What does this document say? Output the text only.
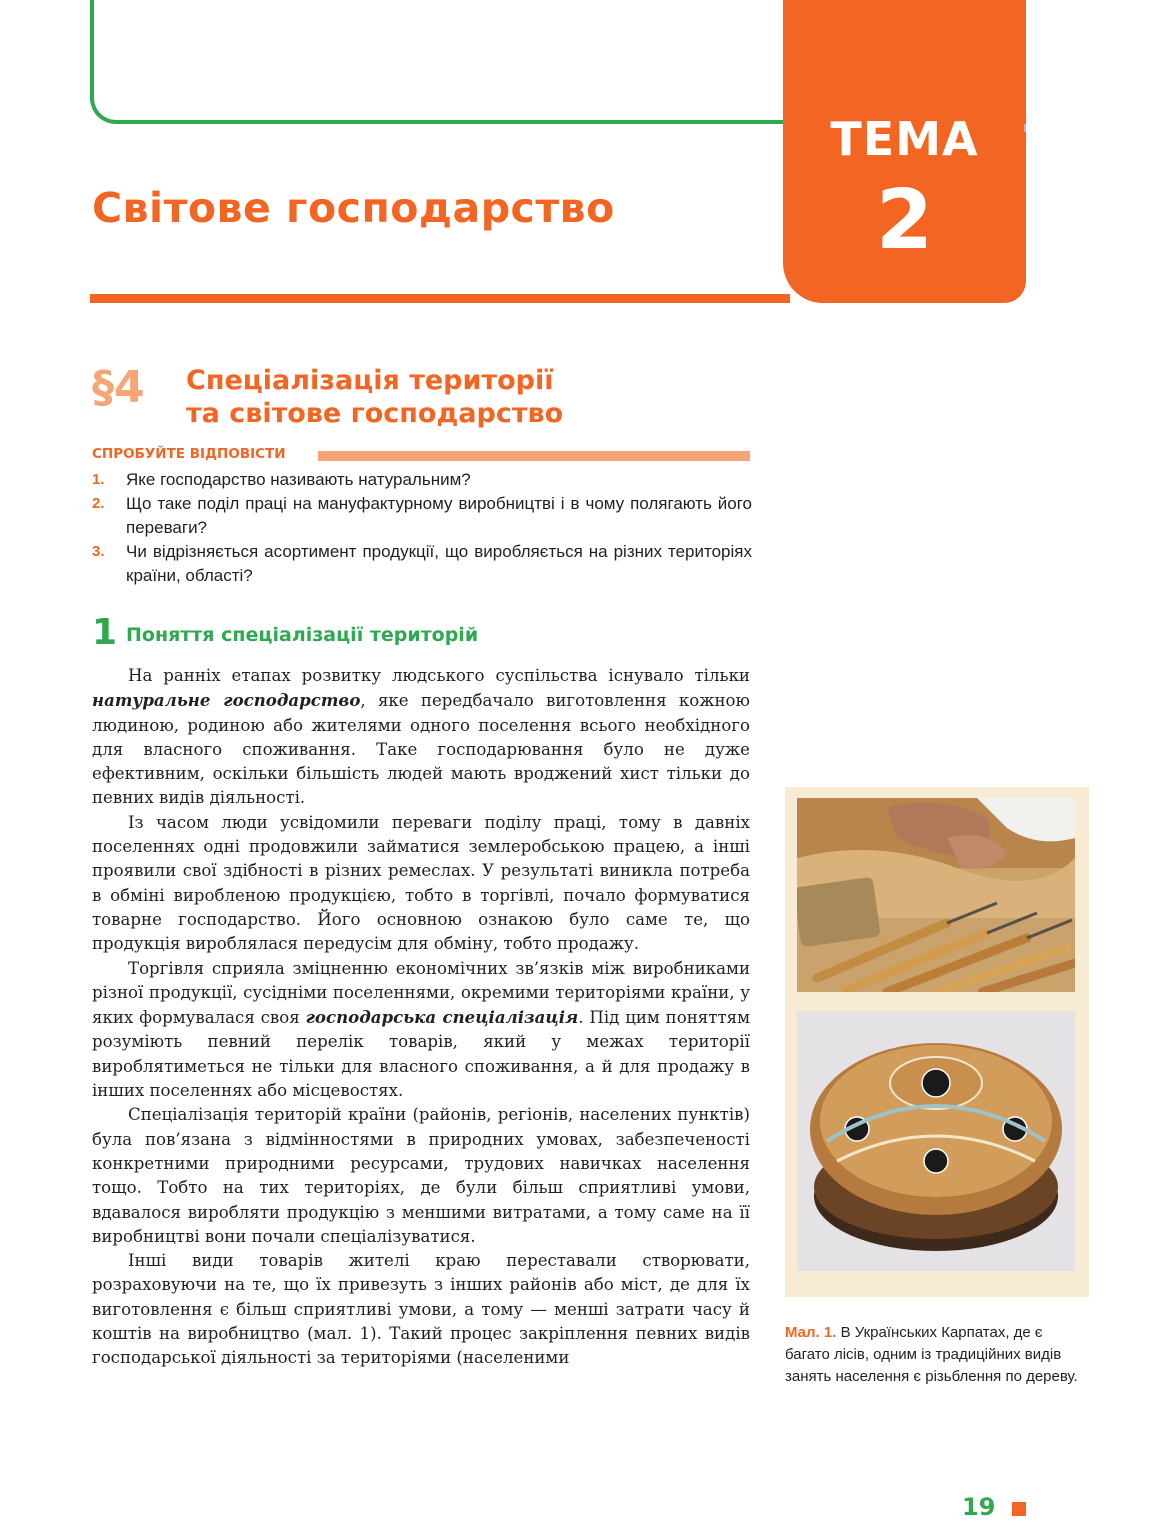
ТЕМА
2
Світове господарство
§4 Спеціалізація території
та світове господарство
СПРОБУЙТЕ ВІДПОВІСТИ
1. Яке господарство називають натуральним?
2. Що таке поділ праці на мануфактурному виробництві і в чому полягають його переваги?
3. Чи відрізняється асортимент продукції, що виробляється на різних територіях країни, області?
1 Поняття спеціалізації територій

На ранніх етапах розвитку людського суспільства існувало тільки натуральне господарство, яке передбачало виготовлення кожною людиною, родиною або жителями одного поселення всього необхідного для власного споживання. Таке господарювання було не дуже ефективним, оскільки більшість людей мають вроджений хист тільки до певних видів діяльності.

Із часом люди усвідомили переваги поділу праці, тому в давніх поселеннях одні продовжили займатися землеробською працею, а інші проявили свої здібності в різних ремеслах. У результаті виникла потреба в обміні виробленою продукцією, тобто в торгівлі, почало формуватися товарне господарство. Його основною ознакою було саме те, що продукція вироблялася передусім для обміну, тобто продажу.

Торгівля сприяла зміцненню економічних зв’язків між виробниками різної продукції, сусідніми поселеннями, окремими територіями країни, у яких формувалася своя господарська спеціалізація. Під цим поняттям розуміють певний перелік товарів, який у межах території вироблятиметься не тільки для власного споживання, а й для продажу в інших поселеннях або місцевостях.

Спеціалізація територій країни (районів, регіонів, населених пунктів) була пов’язана з відмінностями в природних умовах, забезпеченості конкретними природними ресурсами, трудових навичках населення тощо. Тобто на тих територіях, де були більш сприятливі умови, вдавалося виробляти продукцію з меншими витратами, а тому саме на її виробництві вони почали спеціалізуватися.

Інші види товарів жителі краю переставали створювати, розраховуючи на те, що їх привезуть з інших районів або міст, де для їх виготовлення є більш сприятливі умови, а тому — менші затрати часу й коштів на виробництво (мал. 1). Такий процес закріплення певних видів господарської діяльності за територіями (населеними

Мал. 1. В Українських Карпатах, де є багато лісів, одним із традиційних видів занять населення є різьблення по дереву.
19
